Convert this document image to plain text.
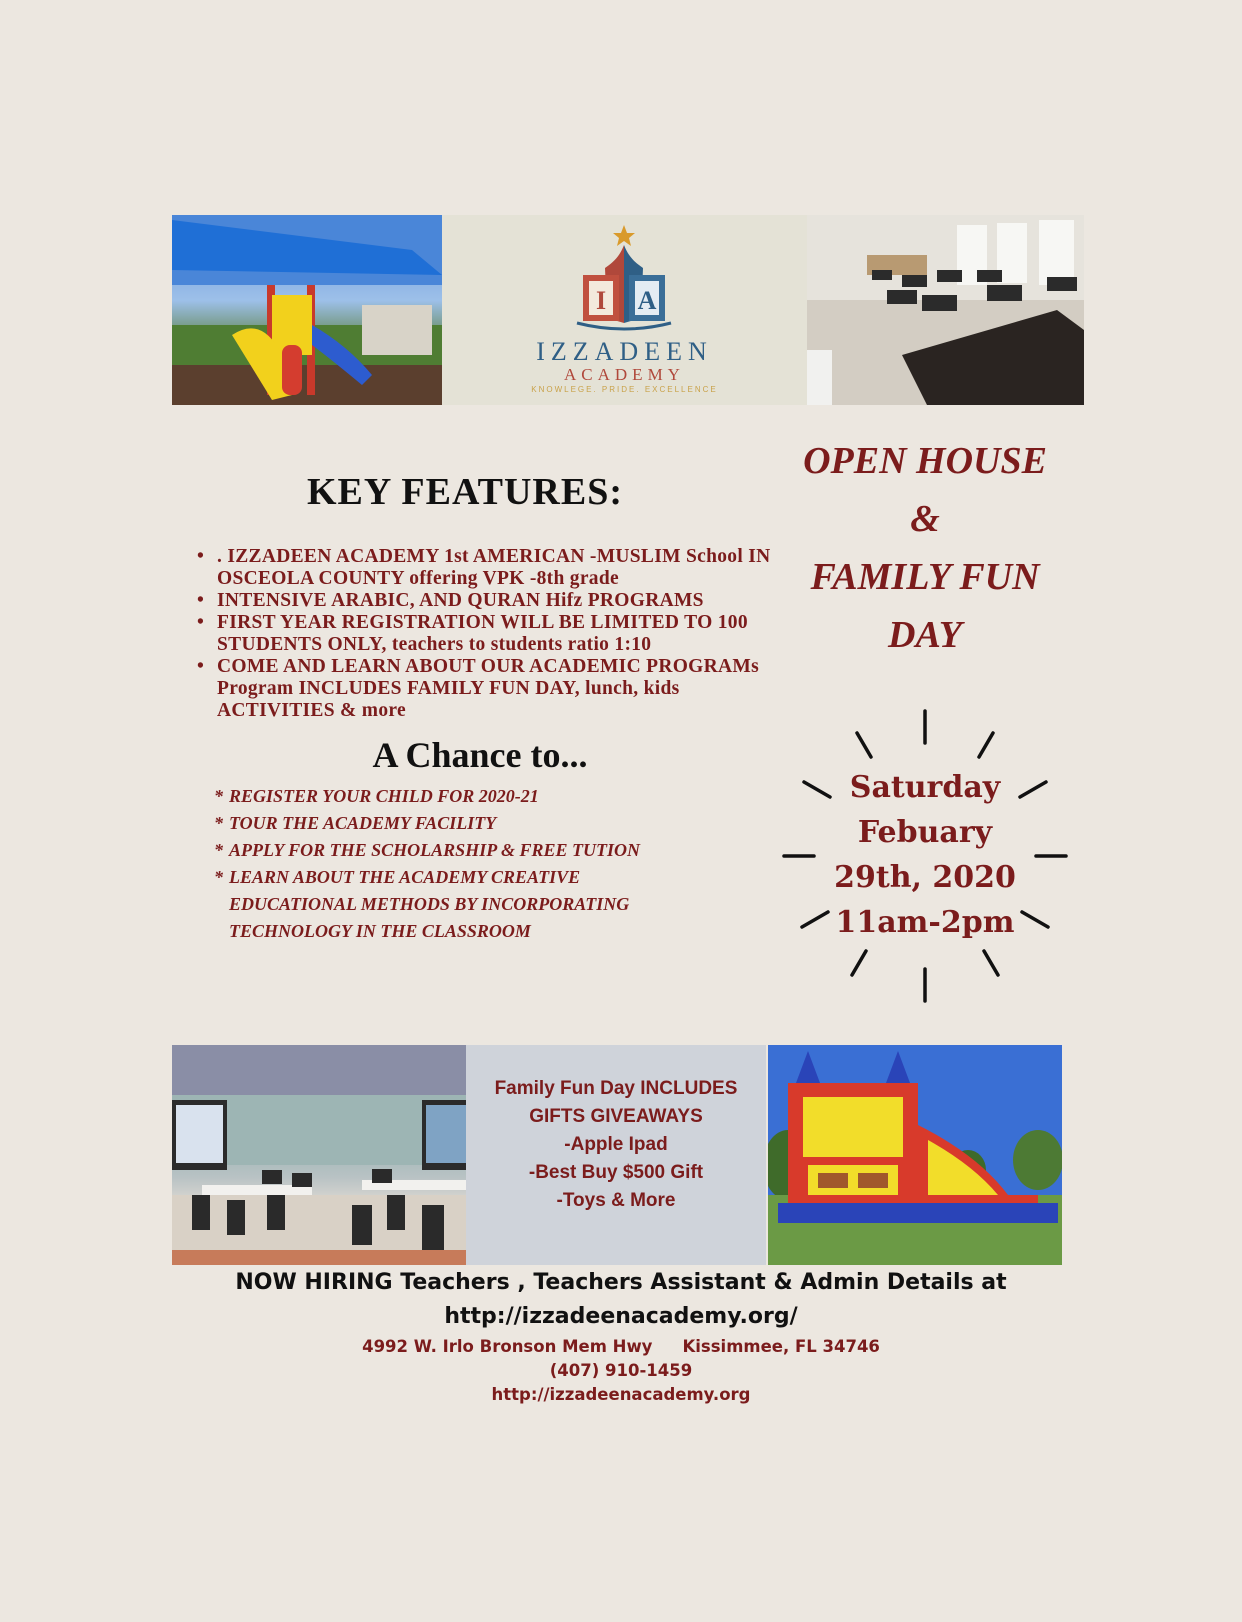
I A
IZZADEEN
ACADEMY
KNOWLEGE. PRIDE. EXCELLENCE
KEY FEATURES:
• . IZZADEEN ACADEMY 1st AMERICAN -MUSLIM School IN OSCEOLA COUNTY offering VPK -8th grade
• INTENSIVE ARABIC, AND QURAN Hifz PROGRAMS
• FIRST YEAR REGISTRATION WILL BE LIMITED TO 100 STUDENTS ONLY, teachers to students ratio 1:10
• COME AND LEARN ABOUT OUR ACADEMIC PROGRAMs Program INCLUDES FAMILY FUN DAY, lunch, kids ACTIVITIES & more
OPEN HOUSE
&
FAMILY FUN
DAY
A Chance to...
* REGISTER YOUR CHILD FOR 2020-21
* TOUR THE ACADEMY FACILITY
* APPLY FOR THE SCHOLARSHIP & FREE TUTION
* LEARN ABOUT THE ACADEMY CREATIVE EDUCATIONAL METHODS BY INCORPORATING TECHNOLOGY IN THE CLASSROOM
Saturday
Febuary
29th, 2020
11am-2pm
Family Fun Day INCLUDES
GIFTS GIVEAWAYS
-Apple Ipad
-Best Buy $500 Gift
-Toys & More
NOW HIRING Teachers , Teachers Assistant & Admin Details at
http://izzadeenacademy.org/
4992 W. Irlo Bronson Mem Hwy Kissimmee, FL 34746
(407) 910-1459
http://izzadeenacademy.org
